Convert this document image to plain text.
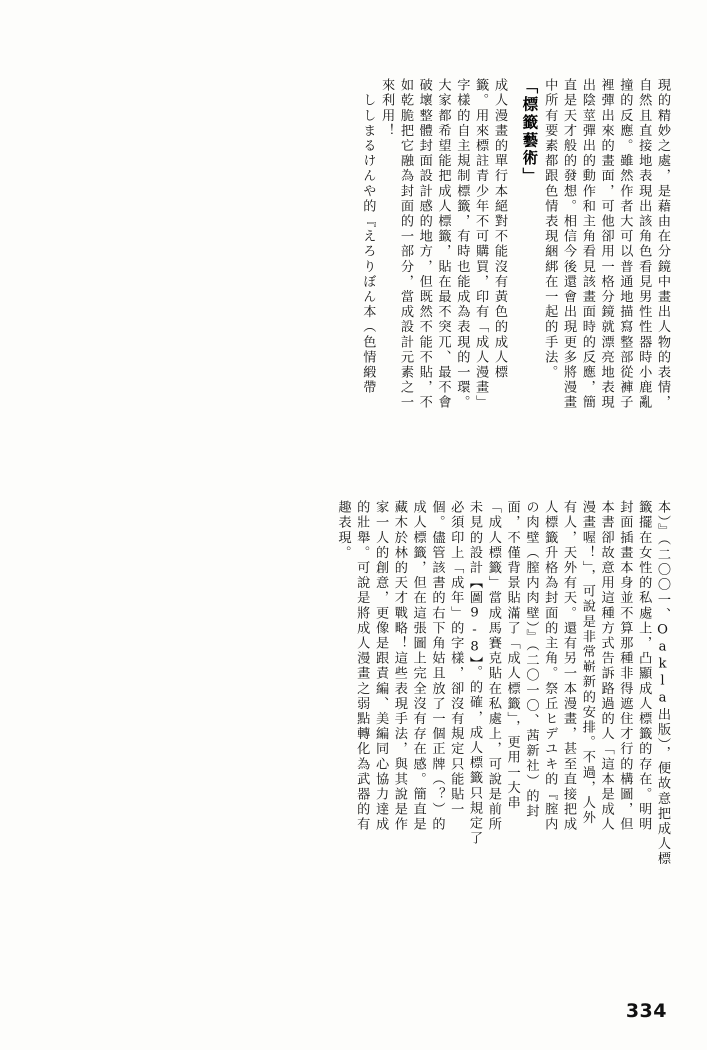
現的精妙之處，是藉由在分鏡中畫出人物的表情，
自然且直接地表現出該角色看見男性性器時小鹿亂
撞的反應。雖然作者大可以普通地描寫整部從褲子
裡彈出來的畫面，可他卻用一格分鏡就漂亮地表現
出陰莖彈出的動作和主角看見該畫面時的反應，簡
直是天才般的發想。相信今後還會出現更多將漫畫
中所有要素都跟色情表現綑綁在一起的手法。
「標籤藝術」
成人漫畫的單行本絕對不能沒有黃色的成人標
籤。用來標註青少年不可購買，印有「成人漫畫」
字樣的自主規制標籤，有時也能成為表現的一環。
大家都希望能把成人標籤，貼在最不突兀、最不會
破壞整體封面設計感的地方，但既然不能不貼，不
如乾脆把它融為封面的一部分，當成設計元素之一
來利用！
　ししまるけんや的『えろりぼん本（色情緞帶
本）』（二〇〇一、Oakla出版），便故意把成人標
籤擺在女性的私處上，凸顯成人標籤的存在。明明
封面插畫本身並不算那種非得遮住才行的構圖，但
本書卻故意用這種方式告訴路過的人「這本是成人
漫畫喔！」，可說是非常嶄新的安排。不過，人外
有人，天外有天。還有另一本漫畫，甚至直接把成
人標籤升格為封面的主角。祭丘ヒデユキ的『腟内
の肉壁（膣内肉壁）』（二〇一〇、茜新社）的封
面，不僅背景貼滿了「成人標籤」，更用一大串
「成人標籤」當成馬賽克貼在私處上，可說是前所
未見的設計【圖9-8】。的確，成人標籤只規定了
必須印上「成年」的字樣，卻沒有規定只能貼一
個。儘管該書的右下角姑且放了一個正牌（？）的
成人標籤，但在這張圖上完全沒有存在感。簡直是
藏木於林的天才戰略！這些表現手法，與其說是作
家一人的創意，更像是跟責編、美編同心協力達成
的壯舉。可說是將成人漫畫之弱點轉化為武器的有
趣表現。
334
